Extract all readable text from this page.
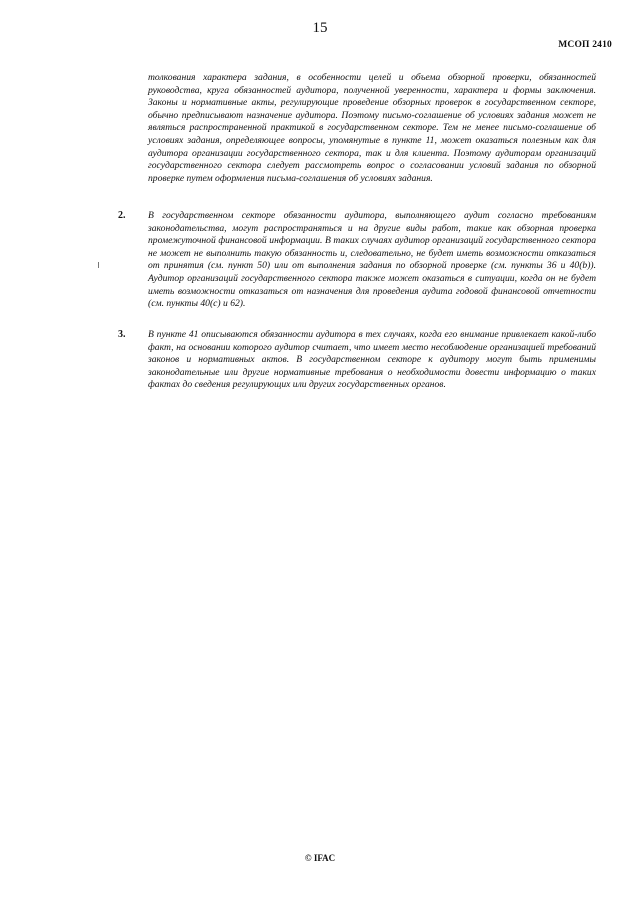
15
МСОП 2410
толкования характера задания, в особенности целей и объема обзорной проверки, обязанностей руководства, круга обязанностей аудитора, полученной уверенности, характера и формы заключения. Законы и нормативные акты, регулирующие проведение обзорных проверок в государственном секторе, обычно предписывают назначение аудитора. Поэтому письмо-соглашение об условиях задания может не являться распространенной практикой в государственном секторе. Тем не менее письмо-соглашение об условиях задания, определяющее вопросы, упомянутые в пункте 11, может оказаться полезным как для аудитора организации государственного сектора, так и для клиента. Поэтому аудиторам организаций государственного сектора следует рассмотреть вопрос о согласовании условий задания по обзорной проверке путем оформления письма-соглашения об условиях задания.
2. В государственном секторе обязанности аудитора, выполняющего аудит согласно требованиям законодательства, могут распространяться и на другие виды работ, такие как обзорная проверка промежуточной финансовой информации. В таких случаях аудитор организаций государственного сектора не может не выполнить такую обязанность и, следовательно, не будет иметь возможности отказаться от принятия (см. пункт 50) или от выполнения задания по обзорной проверке (см. пункты 36 и 40(b)). Аудитор организаций государственного сектора также может оказаться в ситуации, когда он не будет иметь возможности отказаться от назначения для проведения аудита годовой финансовой отчетности (см. пункты 40(c) и 62).
3. В пункте 41 описываются обязанности аудитора в тех случаях, когда его внимание привлекает какой-либо факт, на основании которого аудитор считает, что имеет место несоблюдение организацией требований законов и нормативных актов. В государственном секторе к аудитору могут быть применимы законодательные или другие нормативные требования о необходимости довести информацию о таких фактах до сведения регулирующих или других государственных органов.
© IFAC
